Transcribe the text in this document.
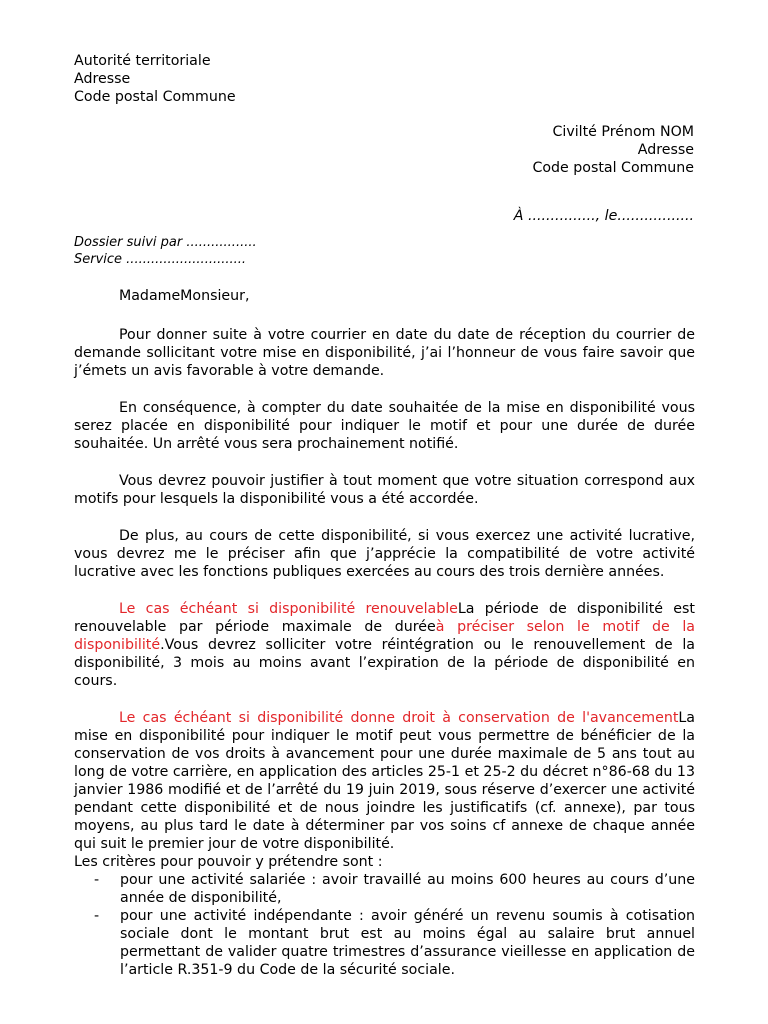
Autorité territoriale
Adresse
Code postal Commune
Civilté Prénom NOM
Adresse
Code postal Commune
À ..............., le.................
Dossier suivi par .................
Service .............................

MadameMonsieur,

Pour donner suite à votre courrier en date du date de réception du courrier de demande sollicitant votre mise en disponibilité, j’ai l’honneur de vous faire savoir que j’émets un avis favorable à votre demande.

En conséquence, à compter du date souhaitée de la mise en disponibilité vous serez placée en disponibilité pour indiquer le motif et pour une durée de durée souhaitée. Un arrêté vous sera prochainement notifié.

Vous devrez pouvoir justifier à tout moment que votre situation correspond aux motifs pour lesquels la disponibilité vous a été accordée.

De plus, au cours de cette disponibilité, si vous exercez une activité lucrative, vous devrez me le préciser afin que j’apprécie la compatibilité de votre activité lucrative avec les fonctions publiques exercées au cours des trois dernière années.

Le cas échéant si disponibilité renouvelableLa période de disponibilité est renouvelable par période maximale de duréeà préciser selon le motif de la disponibilité.Vous devrez solliciter votre réintégration ou le renouvellement de la disponibilité, 3 mois au moins avant l’expiration de la période de disponibilité en cours.

Le cas échéant si disponibilité donne droit à conservation de l'avancementLa mise en disponibilité pour indiquer le motif peut vous permettre de bénéficier de la conservation de vos droits à avancement pour une durée maximale de 5 ans tout au long de votre carrière, en application des articles 25-1 et 25-2 du décret n°86-68 du 13 janvier 1986 modifié et de l’arrêté du 19 juin 2019, sous réserve d’exercer une activité pendant cette disponibilité et de nous joindre les justificatifs (cf. annexe), par tous moyens, au plus tard le date à déterminer par vos soins cf annexe de chaque année qui suit le premier jour de votre disponibilité.

Les critères pour pouvoir y prétendre sont :

- pour une activité salariée : avoir travaillé au moins 600 heures au cours d’une année de disponibilité,
- pour une activité indépendante : avoir généré un revenu soumis à cotisation sociale dont le montant brut est au moins égal au salaire brut annuel permettant de valider quatre trimestres d’assurance vieillesse en application de l’article R.351-9 du Code de la sécurité sociale.
